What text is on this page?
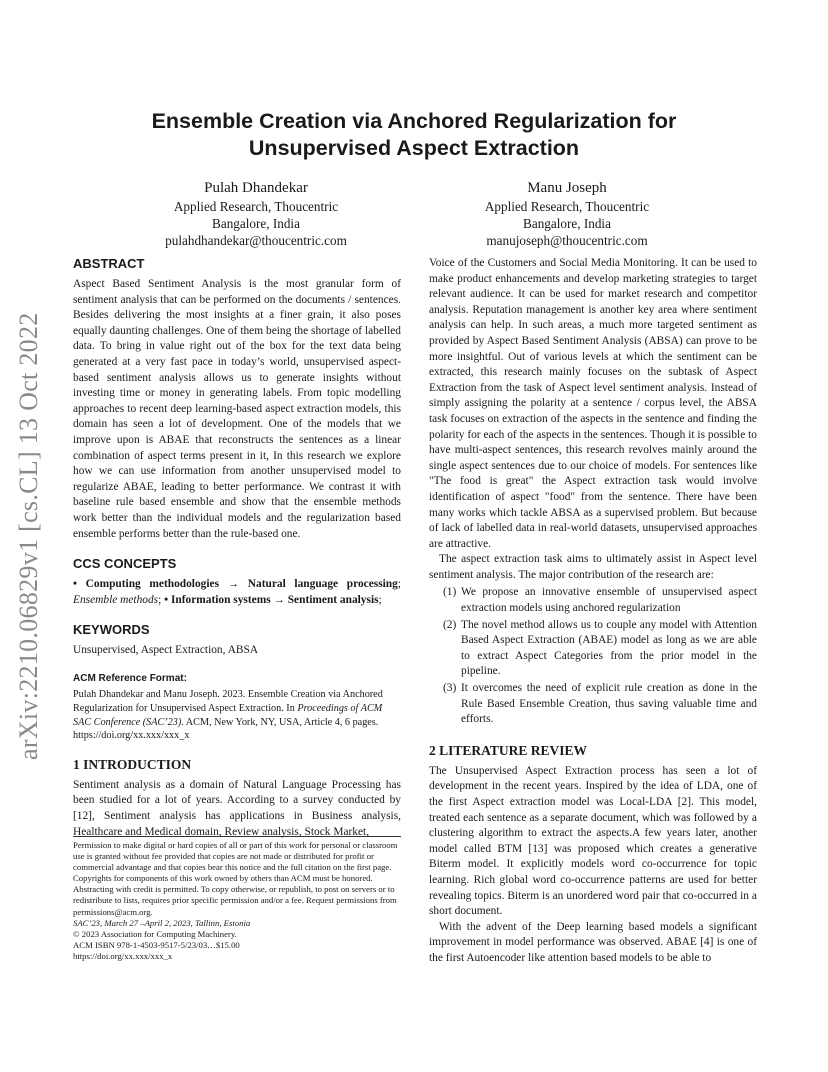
Ensemble Creation via Anchored Regularization for
Unsupervised Aspect Extraction
Pulah Dhandekar
Applied Research, Thoucentric
Bangalore, India
pulahdhandekar@thoucentric.com
Manu Joseph
Applied Research, Thoucentric
Bangalore, India
manujoseph@thoucentric.com
arXiv:2210.06829v1 [cs.CL] 13 Oct 2022
ABSTRACT

Aspect Based Sentiment Analysis is the most granular form of sentiment analysis that can be performed on the documents / sentences. Besides delivering the most insights at a finer grain, it also poses equally daunting challenges. One of them being the shortage of labelled data. To bring in value right out of the box for the text data being generated at a very fast pace in today’s world, unsupervised aspect-based sentiment analysis allows us to generate insights without investing time or money in generating labels. From topic modelling approaches to recent deep learning-based aspect extraction models, this domain has seen a lot of development. One of the models that we improve upon is ABAE that reconstructs the sentences as a linear combination of aspect terms present in it, In this research we explore how we can use information from another unsupervised model to regularize ABAE, leading to better performance. We contrast it with baseline rule based ensemble and show that the ensemble methods work better than the individual models and the regularization based ensemble performs better than the rule-based one.

CCS CONCEPTS

• Computing methodologies → Natural language processing; Ensemble methods; • Information systems → Sentiment analysis;

KEYWORDS

Unsupervised, Aspect Extraction, ABSA

ACM Reference Format:

Pulah Dhandekar and Manu Joseph. 2023. Ensemble Creation via Anchored Regularization for Unsupervised Aspect Extraction. In Proceedings of ACM SAC Conference (SAC’23). ACM, New York, NY, USA, Article 4, 6 pages. https://doi.org/xx.xxx/xxx_x

1 INTRODUCTION

Sentiment analysis as a domain of Natural Language Processing has been studied for a lot of years. According to a survey conducted by [12], Sentiment analysis has applications in Business analysis, Healthcare and Medical domain, Review analysis, Stock Market,

Permission to make digital or hard copies of all or part of this work for personal or classroom use is granted without fee provided that copies are not made or distributed for profit or commercial advantage and that copies bear this notice and the full citation on the first page. Copyrights for components of this work owned by others than ACM must be honored. Abstracting with credit is permitted. To copy otherwise, or republish, to post on servers or to redistribute to lists, requires prior specific permission and/or a fee. Request permissions from permissions@acm.org.

SAC’23, March 27 –April 2, 2023, Tallinn, Estonia

© 2023 Association for Computing Machinery.

ACM ISBN 978-1-4503-9517-5/23/03…$15.00

https://doi.org/xx.xxx/xxx_x

Voice of the Customers and Social Media Monitoring. It can be used to make product enhancements and develop marketing strategies to target relevant audience. It can be used for market research and competitor analysis. Reputation management is another key area where sentiment analysis can help. In such areas, a much more targeted sentiment as provided by Aspect Based Sentiment Analysis (ABSA) can prove to be more insightful. Out of various levels at which the sentiment can be extracted, this research mainly focuses on the subtask of Aspect Extraction from the task of Aspect level sentiment analysis. Instead of simply assigning the polarity at a sentence / corpus level, the ABSA task focuses on extraction of the aspects in the sentence and finding the polarity for each of the aspects in the sentences. Though it is possible to have multi-aspect sentences, this research revolves mainly around the single aspect sentences due to our choice of models. For sentences like "The food is great" the Aspect extraction task would involve identification of aspect "food" from the sentence. There have been many works which tackle ABSA as a supervised problem. But because of lack of labelled data in real-world datasets, unsupervised approaches are attractive.

The aspect extraction task aims to ultimately assist in Aspect level sentiment analysis. The major contribution of the research are:

(1) We propose an innovative ensemble of unsupervised aspect extraction models using anchored regularization
(2) The novel method allows us to couple any model with Attention Based Aspect Extraction (ABAE) model as long as we are able to extract Aspect Categories from the prior model in the pipeline.
(3) It overcomes the need of explicit rule creation as done in the Rule Based Ensemble Creation, thus saving valuable time and efforts.
2 LITERATURE REVIEW

The Unsupervised Aspect Extraction process has seen a lot of development in the recent years. Inspired by the idea of LDA, one of the first Aspect extraction model was Local-LDA [2]. This model, treated each sentence as a separate document, which was followed by a clustering algorithm to extract the aspects.A few years later, another model called BTM [13] was proposed which creates a generative Biterm model. It explicitly models word co-occurrence for topic learning. Rich global word co-occurrence patterns are used for better revealing topics. Biterm is an unordered word pair that co-occurred in a short document.

With the advent of the Deep learning based models a significant improvement in model performance was observed. ABAE [4] is one of the first Autoencoder like attention based models to be able to
